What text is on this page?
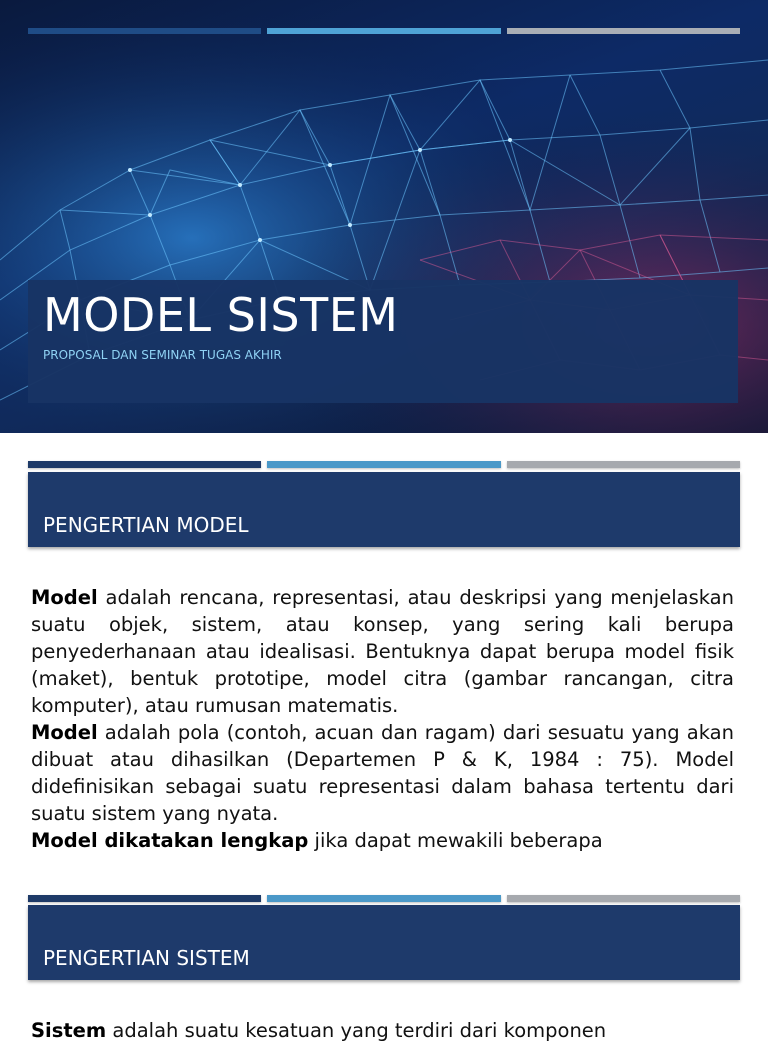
MODEL SISTEM
PROPOSAL DAN SEMINAR TUGAS AKHIR
PENGERTIAN MODEL

Model adalah rencana, representasi, atau deskripsi yang menjelaskan suatu objek, sistem, atau konsep, yang sering kali berupa penyederhanaan atau idealisasi. Bentuknya dapat berupa model fisik (maket), bentuk prototipe, model citra (gambar rancangan, citra komputer), atau rumusan matematis.

Model adalah pola (contoh, acuan dan ragam) dari sesuatu yang akan dibuat atau dihasilkan (Departemen P & K, 1984 : 75). Model didefinisikan sebagai suatu representasi dalam bahasa tertentu dari suatu sistem yang nyata.

Model dikatakan lengkap jika dapat mewakili beberapa

PENGERTIAN SISTEM

Sistem adalah suatu kesatuan yang terdiri dari komponen
